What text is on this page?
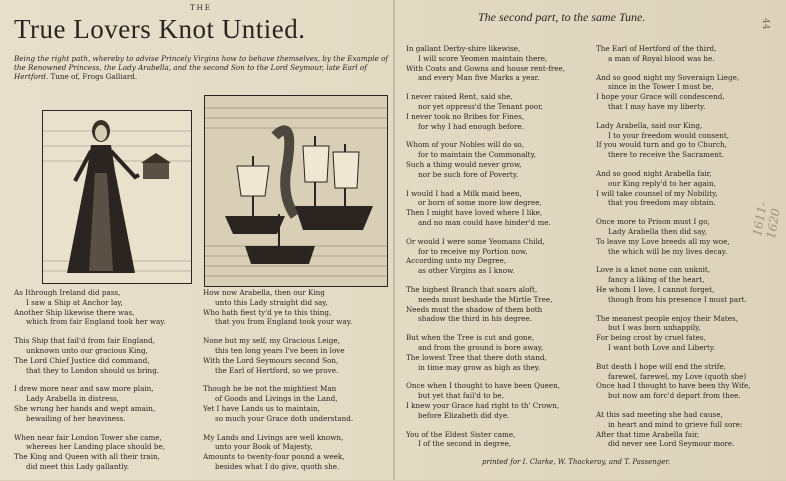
THE
True Lovers Knot Untied.
Being the right path, whereby to advise Princely Virgins how to behave themselves, by the Example of the Renowned Princess, the Lady Arabella, and the second Son to the Lord Seymour, late Earl of Hertford. Tune of, Frogs Galliard.
As Ithrough Ireland did pass,
I saw a Ship at Anchor lay,
Another Ship likewise there was,
which from fair England took her way.
This Ship that fail'd from fair England,
unknown unto our gracious King,
The Lord Chief Justice did command,
that they to London should us bring.
I drew more near and saw more plain,
Lady Arabella in distress,
She wrung her hands and wept amain,
bewailing of her heaviness.
When near fair London Tower she came,
whereas her Landing place should be,
The King and Queen with all their train,
did meet this Lady gallantly.
How now Arabella, then our King
unto this Lady straight did say,
Who hath fiest ty'd ye to this thing,
that you from England took your way.
None but my self, my Gracious Leige,
this ten long years I've been in love
With the Lord Seymours second Son,
the Earl of Hertford, so we prove.
Though he be not the mightiest Man
of Goods and Livings in the Land,
Yet I have Lands us to maintain,
so much your Grace doth understand.
My Lands and Livings are well known,
unto your Book of Majesty,
Amounts to twenty-four pound a week,
besides what I do give, quoth she.
The second part, to the same Tune.
In gallant Derby-shire likewise,
I will score Yeomen maintain there,
With Coats and Gowns and house rent-free,
and every Man five Marks a year.
I never raised Rent, said she,
nor yet oppress'd the Tenant poor,
I never took no Bribes for Fines,
for why I had enough before.
Whom of your Nobles will do so,
for to maintain the Commonalty,
Such a thing would never grow,
nor be such fore of Poverty.
I would I had a Milk maid been,
or born of some more low degree,
Then I might have loved where I like,
and no man could have hinder'd me.
Or would I were some Yeomans Child,
for to receive my Portion now,
According unto my Degree,
as other Virgins as I know.
The highest Branch that soars aloft,
needs must beshade the Mirtle Tree,
Needs must the shadow of them both
shadow the third in his degree.
But when the Tree is cut and gone,
and from the ground is bore away,
The lowest Tree that there doth stand,
in time may grow as high as they.
Once when I thought to have been Queen,
but yet that fail'd to be,
I knew your Grace had right to th' Crown,
before Elizabeth did dye.
You of the Eldest Sister came,
I of the second in degree,
The Earl of Hertford of the third,
a man of Royal blood was he.
And so good night my Soveraign Liege,
since in the Tower I must be,
I hope your Grace will condescend,
that I may have my liberty.
Lady Arabella, said our King,
I to your freedom would consent,
If you would turn and go to Church,
there to receive the Sacrament.
And so good night Arabella fair,
our King reply'd to her again,
I will take counsel of my Nobility,
that you freedom may obtain.
Once more to Prison must I go,
Lady Arabella then did say,
To leave my Love breeds all my woe,
the which will be my lives decay.
Love is a knot none can unknit,
fancy a liking of the heart,
He whom I love, I cannot forget,
though from his presence I must part.
The meanest people enjoy their Mates,
but I was born unhappily,
For being crost by cruel fates,
I want both Love and Liberty.
But death I hope will end the strife,
farewel, farewel, my Love (quoth she)
Once had I thought to have been thy Wife,
but now am forc'd depart from thee.
At this sad meeting she had cause,
in heart and mind to grieve full sore:
After that time Arabella fair,
did never see Lord Seymour more.
printed for I. Clarke, W. Thackeray, and T. Passenger.
44
1611-1620
